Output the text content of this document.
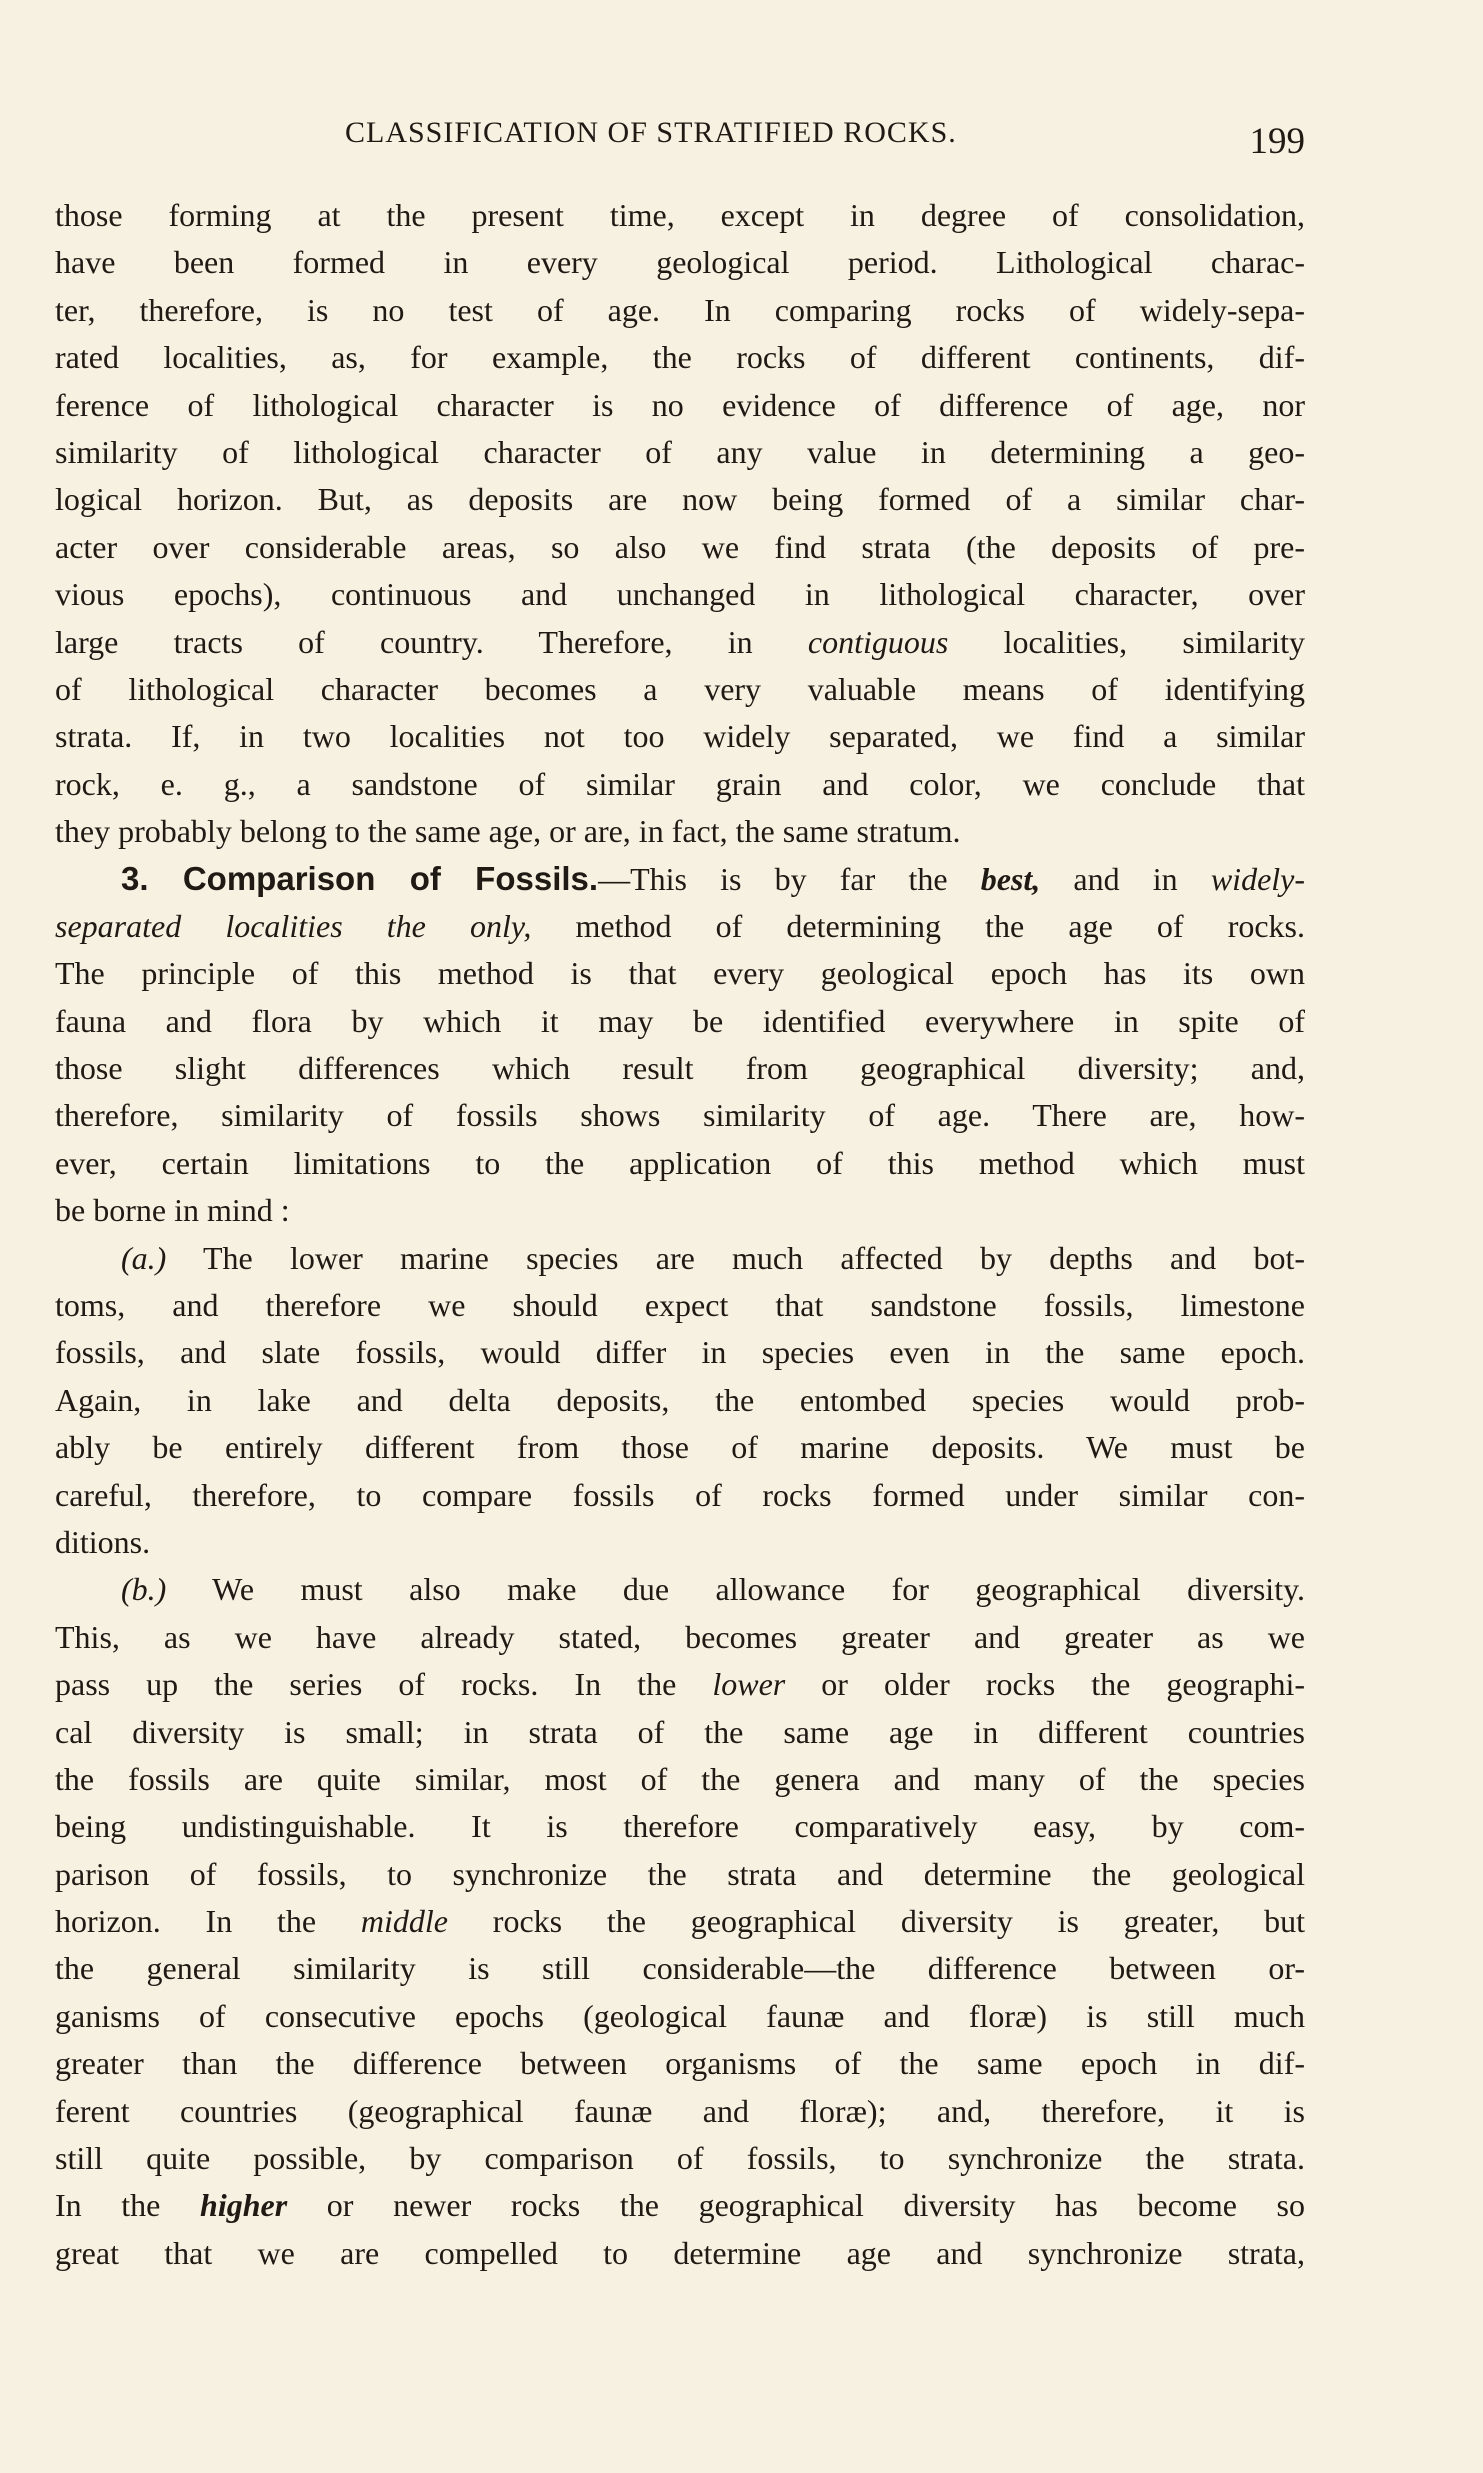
CLASSIFICATION OF STRATIFIED ROCKS.	199
those forming at the present time, except in degree of consolidation,
have been formed in every geological period. Lithological charac-
ter, therefore, is no test of age. In comparing rocks of widely-sepa-
rated localities, as, for example, the rocks of different continents, dif-
ference of lithological character is no evidence of difference of age, nor
similarity of lithological character of any value in determining a geo-
logical horizon. But, as deposits are now being formed of a similar char-
acter over considerable areas, so also we find strata (the deposits of pre-
vious epochs), continuous and unchanged in lithological character, over
large tracts of country. Therefore, in contiguous localities, similarity
of lithological character becomes a very valuable means of identifying
strata. If, in two localities not too widely separated, we find a similar
rock, e. g., a sandstone of similar grain and color, we conclude that
they probably belong to the same age, or are, in fact, the same stratum.
3. Comparison of Fossils.—This is by far the best, and in widely-
separated localities the only, method of determining the age of rocks.
The principle of this method is that every geological epoch has its own
fauna and flora by which it may be identified everywhere in spite of
those slight differences which result from geographical diversity; and,
therefore, similarity of fossils shows similarity of age. There are, how-
ever, certain limitations to the application of this method which must
be borne in mind :
(a.) The lower marine species are much affected by depths and bot-
toms, and therefore we should expect that sandstone fossils, limestone
fossils, and slate fossils, would differ in species even in the same epoch.
Again, in lake and delta deposits, the entombed species would prob-
ably be entirely different from those of marine deposits. We must be
careful, therefore, to compare fossils of rocks formed under similar con-
ditions.
(b.) We must also make due allowance for geographical diversity.
This, as we have already stated, becomes greater and greater as we
pass up the series of rocks. In the lower or older rocks the geographi-
cal diversity is small; in strata of the same age in different countries
the fossils are quite similar, most of the genera and many of the species
being undistinguishable. It is therefore comparatively easy, by com-
parison of fossils, to synchronize the strata and determine the geological
horizon. In the middle rocks the geographical diversity is greater, but
the general similarity is still considerable—the difference between or-
ganisms of consecutive epochs (geological faunæ and floræ) is still much
greater than the difference between organisms of the same epoch in dif-
ferent countries (geographical faunæ and floræ); and, therefore, it is
still quite possible, by comparison of fossils, to synchronize the strata.
In the higher or newer rocks the geographical diversity has become so
great that we are compelled to determine age and synchronize strata,
